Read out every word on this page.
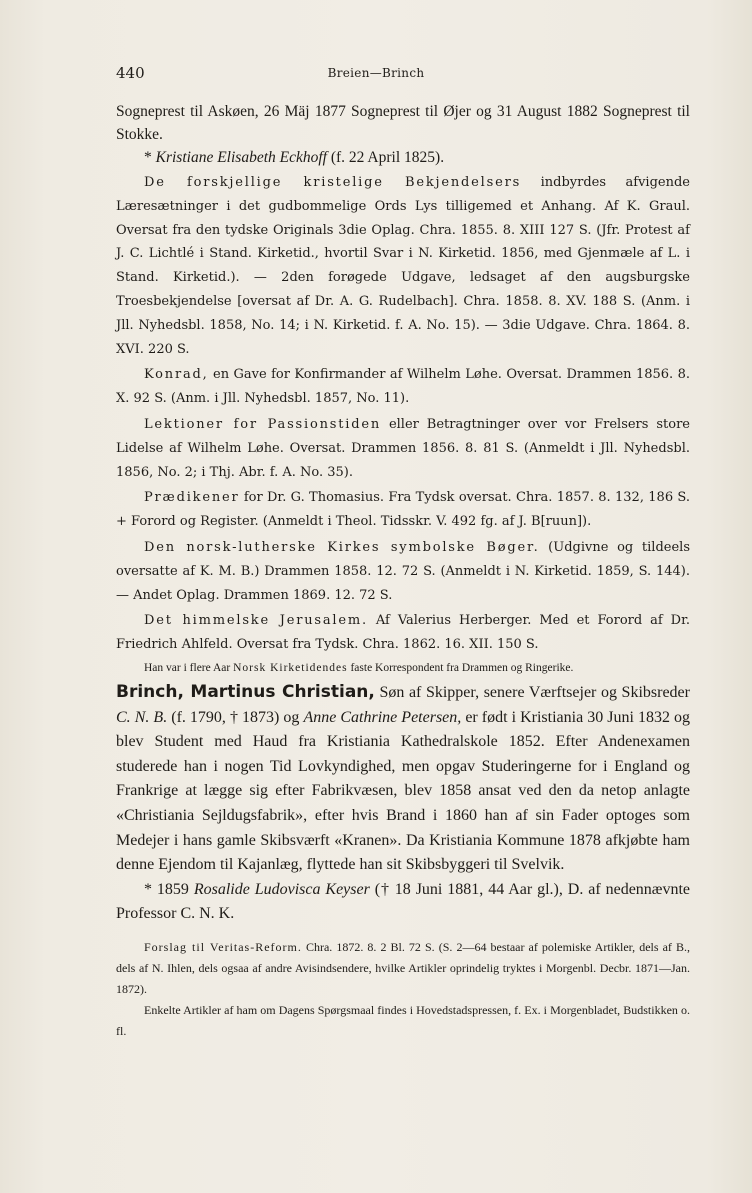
440	Breien—Brinch

Sogneprest til Askøen, 26 Mäj 1877 Sogneprest til Øjer og 31 August 1882 Sogneprest til Stokke.

* Kristiane Elisabeth Eckhoff (f. 22 April 1825).

De forskjellige kristelige Bekjendelsers indbyrdes afvigende Læresætninger i det gudbommelige Ords Lys tilligemed et Anhang. Af K. Graul. Oversat fra den tydske Originals 3die Oplag. Chra. 1855. 8. XIII 127 S. (Jfr. Protest af J. C. Lichtlé i Stand. Kirketid., hvortil Svar i N. Kirketid. 1856, med Gjenmæle af L. i Stand. Kirketid.). — 2den forøgede Udgave, ledsaget af den augsburgske Troesbekjendelse [oversat af Dr. A. G. Rudelbach]. Chra. 1858. 8. XV. 188 S. (Anm. i Jll. Nyhedsbl. 1858, No. 14; i N. Kirketid. f. A. No. 15). — 3die Udgave. Chra. 1864. 8. XVI. 220 S.

Konrad, en Gave for Konfirmander af Wilhelm Løhe. Oversat. Drammen 1856. 8. X. 92 S. (Anm. i Jll. Nyhedsbl. 1857, No. 11).

Lektioner for Passionstiden eller Betragtninger over vor Frelsers store Lidelse af Wilhelm Løhe. Oversat. Drammen 1856. 8. 81 S. (Anmeldt i Jll. Nyhedsbl. 1856, No. 2; i Thj. Abr. f. A. No. 35).

Prædikener for Dr. G. Thomasius. Fra Tydsk oversat. Chra. 1857. 8. 132, 186 S. + Forord og Register. (Anmeldt i Theol. Tidsskr. V. 492 fg. af J. B[ruun]).

Den norsk-lutherske Kirkes symbolske Bøger. (Udgivne og tildeels oversatte af K. M. B.) Drammen 1858. 12. 72 S. (Anmeldt i N. Kirketid. 1859, S. 144). — Andet Oplag. Drammen 1869. 12. 72 S.

Det himmelske Jerusalem. Af Valerius Herberger. Med et Forord af Dr. Friedrich Ahlfeld. Oversat fra Tydsk. Chra. 1862. 16. XII. 150 S.

Han var i flere Aar Norsk Kirketidendes faste Korrespondent fra Drammen og Ringerike.

Brinch, Martinus Christian, Søn af Skipper, senere Værftsejer og Skibsreder C. N. B. (f. 1790, † 1873) og Anne Cathrine Petersen, er født i Kristiania 30 Juni 1832 og blev Student med Haud fra Kristiania Kathedralskole 1852. Efter Andenexamen studerede han i nogen Tid Lovkyndighed, men opgav Studeringerne for i England og Frankrige at lægge sig efter Fabrikvæsen, blev 1858 ansat ved den da netop anlagte «Christiania Sejldugsfabrik», efter hvis Brand i 1860 han af sin Fader optoges som Medejer i hans gamle Skibsværft «Kranen». Da Kristiania Kommune 1878 afkjøbte ham denne Ejendom til Kajanlæg, flyttede han sit Skibsbyggeri til Svelvik.

* 1859 Rosalide Ludovisca Keyser († 18 Juni 1881, 44 Aar gl.), D. af nedennævnte Professor C. N. K.

Forslag til Veritas-Reform. Chra. 1872. 8. 2 Bl. 72 S. (S. 2—64 bestaar af polemiske Artikler, dels af B., dels af N. Ihlen, dels ogsaa af andre Avisindsendere, hvilke Artikler oprindelig tryktes i Morgenbl. Decbr. 1871—Jan. 1872).

Enkelte Artikler af ham om Dagens Spørgsmaal findes i Hovedstadspressen, f. Ex. i Morgenbladet, Budstikken o. fl.
